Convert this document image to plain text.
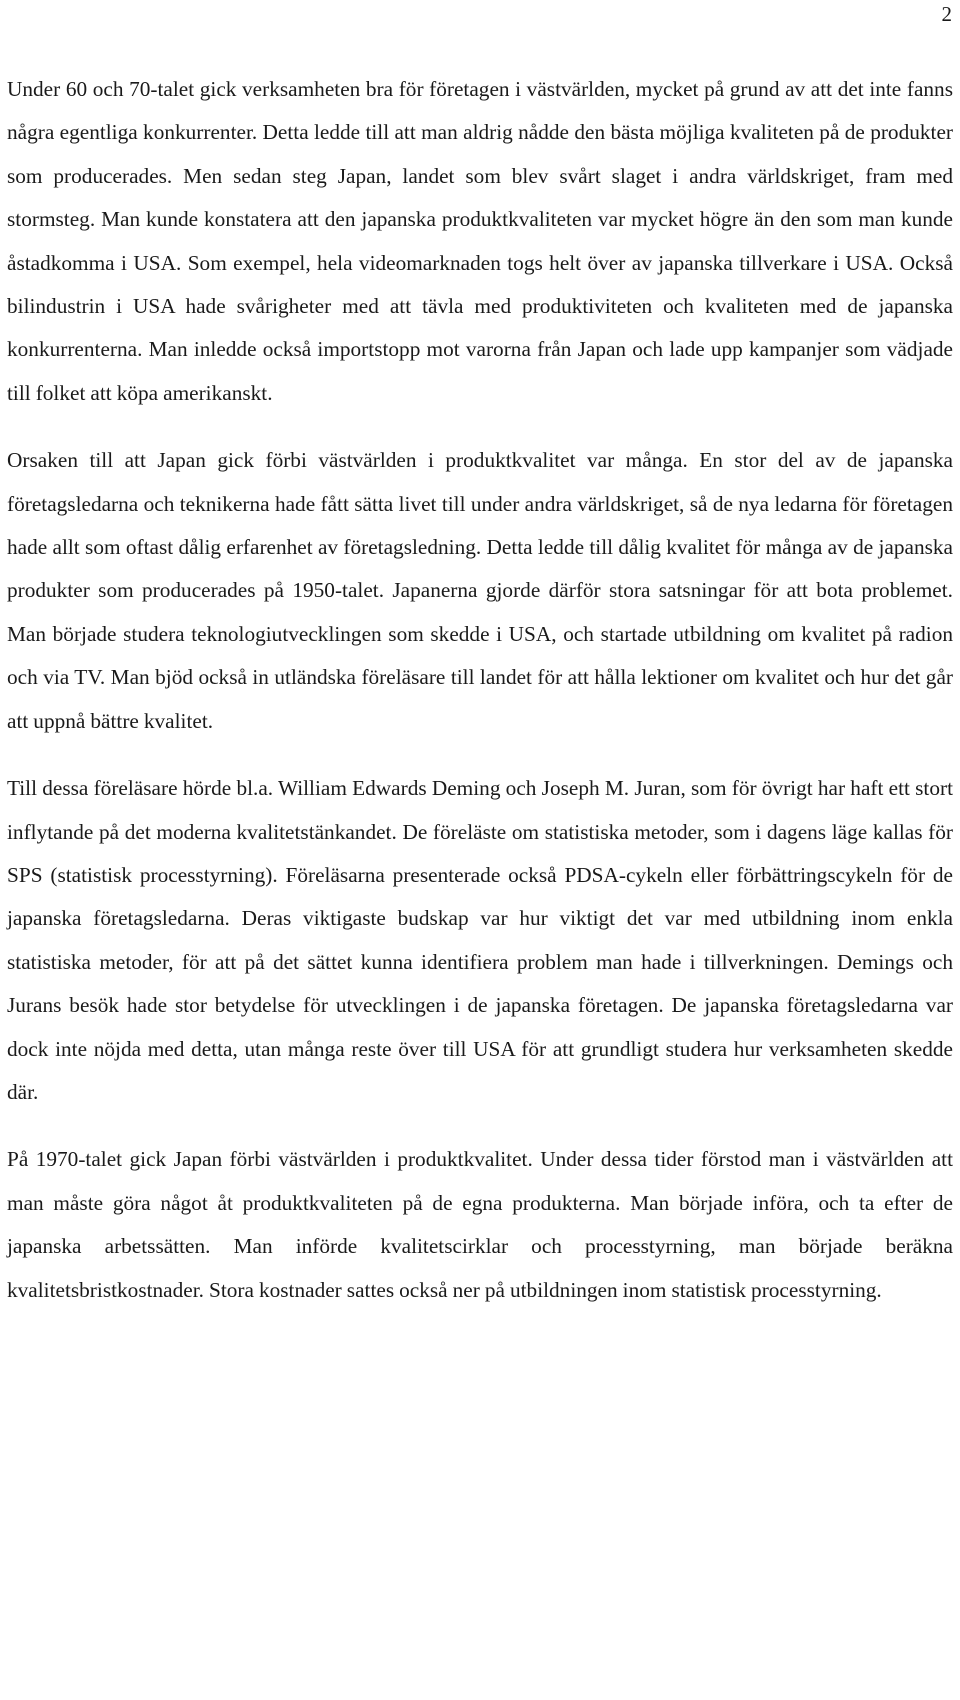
2

Under 60 och 70-talet gick verksamheten bra för företagen i västvärlden, mycket på grund av att det inte fanns några egentliga konkurrenter. Detta ledde till att man aldrig nådde den bästa möjliga kvaliteten på de produkter som producerades. Men sedan steg Japan, landet som blev svårt slaget i andra världskriget, fram med stormsteg. Man kunde konstatera att den japanska produktkvaliteten var mycket högre än den som man kunde åstadkomma i USA. Som exempel, hela videomarknaden togs helt över av japanska tillverkare i USA. Också bilindustrin i USA hade svårigheter med att tävla med produktiviteten och kvaliteten med de japanska konkurrenterna. Man inledde också importstopp mot varorna från Japan och lade upp kampanjer som vädjade till folket att köpa amerikanskt.

Orsaken till att Japan gick förbi västvärlden i produktkvalitet var många. En stor del av de japanska företagsledarna och teknikerna hade fått sätta livet till under andra världskriget, så de nya ledarna för företagen hade allt som oftast dålig erfarenhet av företagsledning. Detta ledde till dålig kvalitet för många av de japanska produkter som producerades på 1950-talet. Japanerna gjorde därför stora satsningar för att bota problemet. Man började studera teknologiutvecklingen som skedde i USA, och startade utbildning om kvalitet på radion och via TV. Man bjöd också in utländska föreläsare till landet för att hålla lektioner om kvalitet och hur det går att uppnå bättre kvalitet.

Till dessa föreläsare hörde bl.a. William Edwards Deming och Joseph M. Juran, som för övrigt har haft ett stort inflytande på det moderna kvalitetstänkandet. De föreläste om statistiska metoder, som i dagens läge kallas för SPS (statistisk processtyrning). Föreläsarna presenterade också PDSA-cykeln eller förbättringscykeln för de japanska företagsledarna. Deras viktigaste budskap var hur viktigt det var med utbildning inom enkla statistiska metoder, för att på det sättet kunna identifiera problem man hade i tillverkningen. Demings och Jurans besök hade stor betydelse för utvecklingen i de japanska företagen. De japanska företagsledarna var dock inte nöjda med detta, utan många reste över till USA för att grundligt studera hur verksamheten skedde där.

På 1970-talet gick Japan förbi västvärlden i produktkvalitet. Under dessa tider förstod man i västvärlden att man måste göra något åt produktkvaliteten på de egna produkterna. Man började införa, och ta efter de japanska arbetssätten. Man införde kvalitetscirklar och processtyrning, man började beräkna kvalitetsbristkostnader. Stora kostnader sattes också ner på utbildningen inom statistisk processtyrning.
